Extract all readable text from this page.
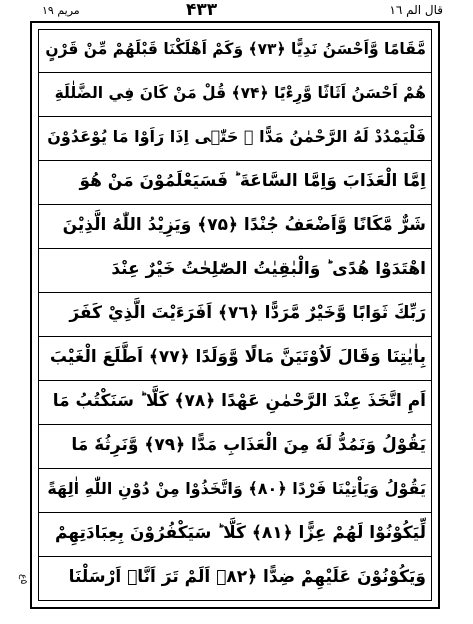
مریم ۱۹	۴۳۳	قال الم ۱٦
مَّقَامًا وَّاَحْسَنُ نَدِيًّا ﴿۷۳﴾ وَكَمْ اَهْلَكْنَا قَبْلَهُمْ مِّنْ قَرْنٍ
هُمْ اَحْسَنُ اَثَاثًا وَّرِءْيًا ﴿۷۴﴾ قُلْ مَنْ كَانَ فِي الضَّلٰلَةِ
فَلْيَمْدُدْ لَهُ الرَّحْمٰنُ مَدًّا ۚ حَتّٰۤى اِذَا رَاَوْا مَا يُوْعَدُوْنَ
اِمَّا الْعَذَابَ وَاِمَّا السَّاعَةَ ؕ فَسَيَعْلَمُوْنَ مَنْ هُوَ
شَرٌّ مَّكَانًا وَّاَضْعَفُ جُنْدًا ﴿۷۵﴾ وَيَزِيْدُ اللّٰهُ الَّذِيْنَ
اهْتَدَوْا هُدًى ؕ وَالْبٰقِيٰتُ الصّٰلِحٰتُ خَيْرٌ عِنْدَ
رَبِّكَ ثَوَابًا وَّخَيْرٌ مَّرَدًّا ﴿۷٦﴾ اَفَرَءَيْتَ الَّذِيْ كَفَرَ
بِاٰيٰتِنَا وَقَالَ لَاُوْتَيَنَّ مَالًا وَّوَلَدًا ﴿۷۷﴾ اَطَّلَعَ الْغَيْبَ
اَمِ اتَّخَذَ عِنْدَ الرَّحْمٰنِ عَهْدًا ﴿۷۸﴾ كَلَّا ؕ سَنَكْتُبُ مَا
يَقُوْلُ وَنَمُدُّ لَهٗ مِنَ الْعَذَابِ مَدًّا ﴿۷۹﴾ وَّنَرِثُهٗ مَا
يَقُوْلُ وَيَاْتِيْنَا فَرْدًا ﴿۸۰﴾ وَاتَّخَذُوْا مِنْ دُوْنِ اللّٰهِ اٰلِهَةً
لِّيَكُوْنُوْا لَهُمْ عِزًّا ﴿۸۱﴾ كَلَّا ؕ سَيَكْفُرُوْنَ بِعِبَادَتِهِمْ
وَيَكُوْنُوْنَ عَلَيْهِمْ ضِدًّا ﴿۸۲﴾ اَلَمْ تَرَ اَنَّاۤ اَرْسَلْنَا
۵ع
